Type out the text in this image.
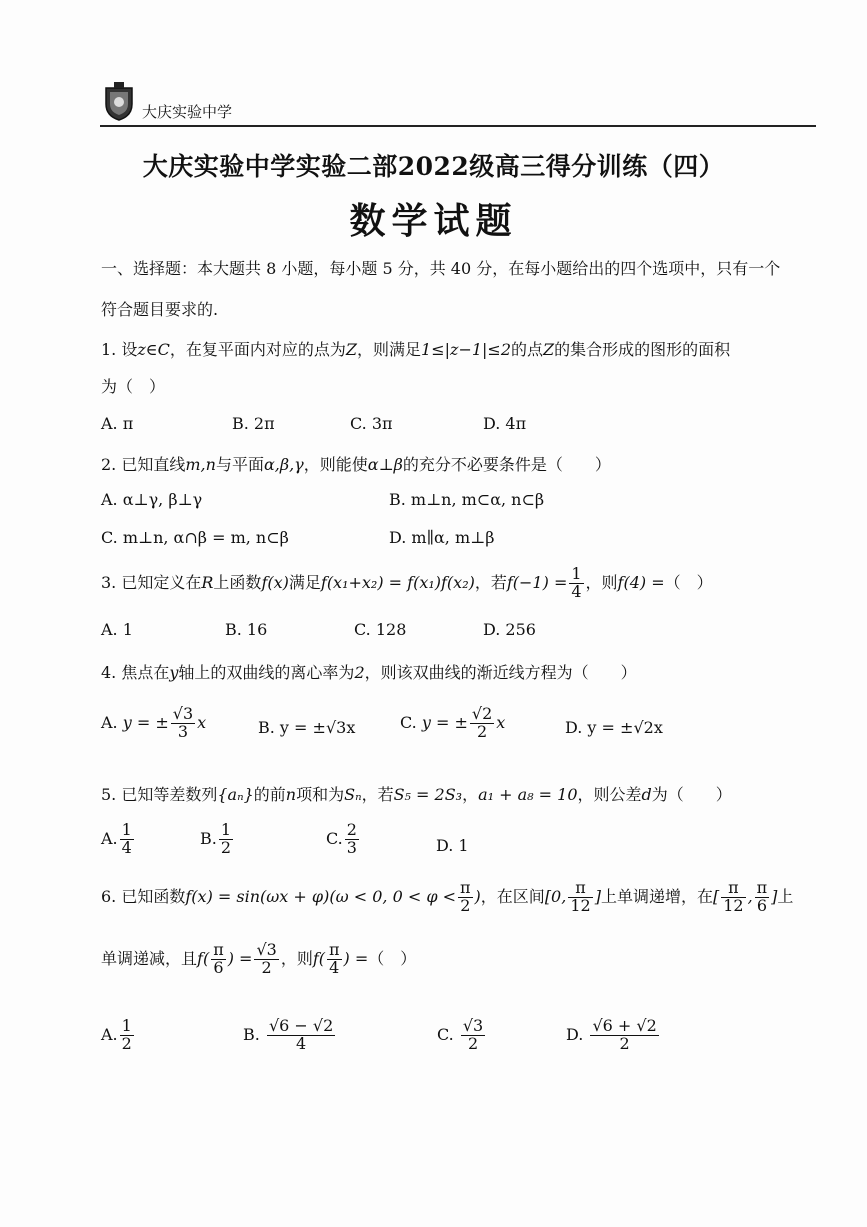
大庆实验中学
大庆实验中学实验二部2022级高三得分训练（四）
数学试题
一、选择题：本大题共 8 小题，每小题 5 分，共 40 分，在每小题给出的四个选项中，只有一个
符合题目要求的.
1. 设z∈C，在复平面内对应的点为Z，则满足1≤|z−1|≤2的点Z的集合形成的图形的面积
为（　）
A. π	B. 2π	C. 3π	D. 4π
2. 已知直线m,n与平面α,β,γ，则能使α⊥β的充分不必要条件是（　　）
A. α⊥γ, β⊥γ	B. m⊥n, m⊂α, n⊂β
C. m⊥n, α∩β = m, n⊂β	D. m∥α, m⊥β
3. 已知定义在R上函数f(x)满足f(x₁+x₂) = f(x₁)f(x₂)，若$f(-1) = \frac{1}{4}$ ，则f(4) =（　）
A. 1	B. 16	C. 128	D. 256
4. 焦点在y轴上的双曲线的离心率为2，则该双曲线的渐近线方程为（　　）
A. y = ± $\frac{√3}{3}$ x	B. y = ±√3x	C. y = ± $\frac{√2}{2}$ x	D. y = ±√2x
5. 已知等差数列{aₙ}的前n项和为Sₙ，若S₅ = 2S₃，a₁ + a₈ = 10，则公差d为（　　）
A. $\frac{1}{4}$	B. $\frac{1}{2}$	C. $\frac{2}{3}$	D. 1
6. 已知函数f(x) = sin(ωx + φ)(ω < 0, $0 < \varphi < \frac{\pi}{2}$ )，在区间[0, $\frac{\pi}{12}$ ]上单调递增，在[ $\frac{\pi}{12}$ , $\frac{\pi}{6}$ ]上
单调递减，且$f( \frac{\pi}{6}$ ) = $\frac{√3}{2}$ ，则$f( \frac{\pi}{4}$ ) =（　）
A. $\frac{1}{2}$	B. $\frac{√6 - √2}{4}$	C. $\frac{√3}{2}$	D. $\frac{√6 + √2}{2}$
